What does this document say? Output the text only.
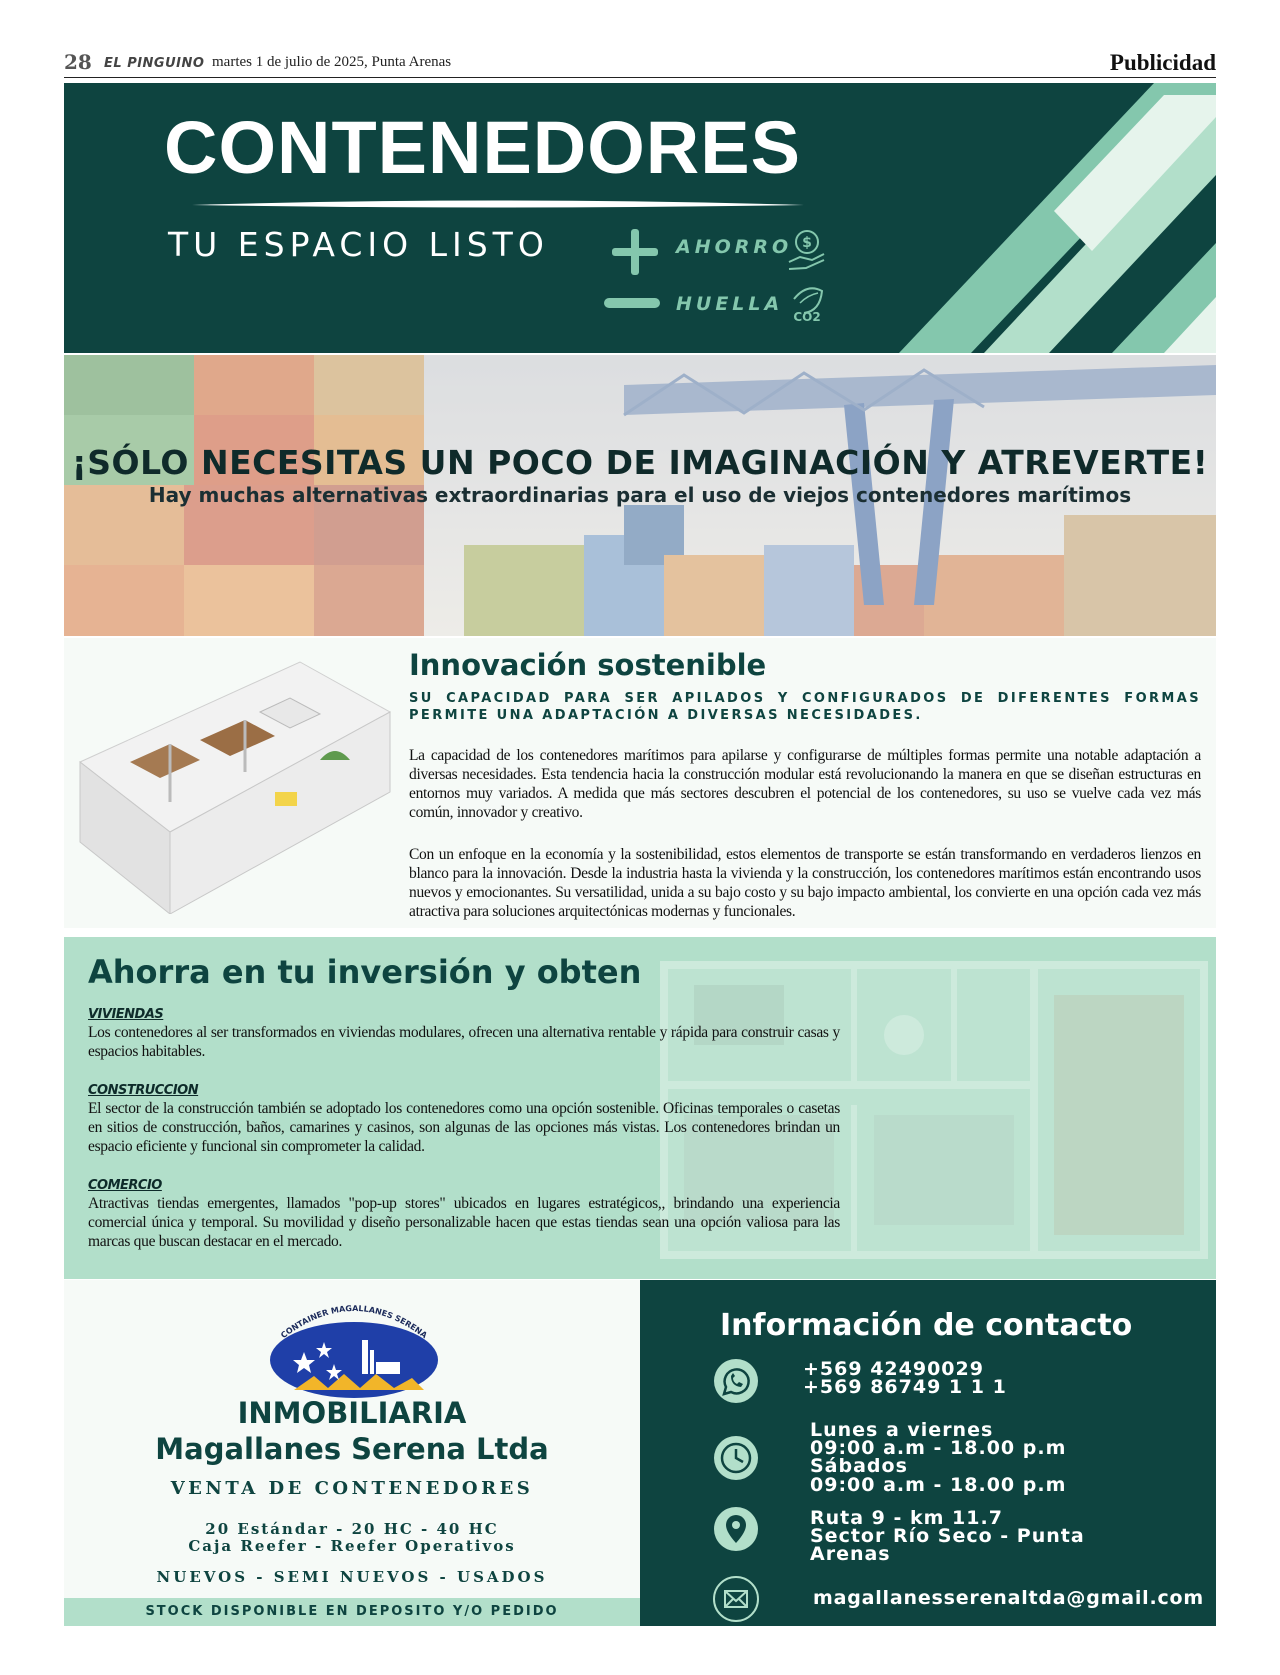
28 EL PINGUINO martes 1 de julio de 2025, Punta Arenas	Publicidad
CONTENEDORES
TU ESPACIO LISTO	AHORRO $
HUELLA
CO2
¡SÓLO NECESITAS UN POCO DE IMAGINACIÓN Y ATREVERTE!
Hay muchas alternativas extraordinarias para el uso de viejos contenedores marítimos
Innovación sostenible
SU CAPACIDAD PARA SER APILADOS Y CONFIGURADOS DE DIFERENTES FORMAS PERMITE UNA ADAPTACIÓN A DIVERSAS NECESIDADES.

La capacidad de los contenedores marítimos para apilarse y configurarse de múltiples formas permite una notable adaptación a diversas necesidades. Esta tendencia hacia la construcción modular está revolucionando la manera en que se diseñan estructuras en entornos muy variados. A medida que más sectores descubren el potencial de los contenedores, su uso se vuelve cada vez más común, innovador y creativo.

Con un enfoque en la economía y la sostenibilidad, estos elementos de transporte se están transformando en verdaderos lienzos en blanco para la innovación. Desde la industria hasta la vivienda y la construcción, los contenedores marítimos están encontrando usos nuevos y emocionantes. Su versatilidad, unida a su bajo costo y su bajo impacto ambiental, los convierte en una opción cada vez más atractiva para soluciones arquitectónicas modernas y funcionales.

Ahorra en tu inversión y obten
VIVIENDAS

Los contenedores al ser transformados en viviendas modulares, ofrecen una alternativa rentable y rápida para construir casas y espacios habitables.

CONSTRUCCION

El sector de la construcción también se adoptado los contenedores como una opción sostenible. Oficinas temporales o casetas en sitios de construcción, baños, camarines y casinos, son algunas de las opciones más vistas. Los contenedores brindan un espacio eficiente y funcional sin comprometer la calidad.

COMERCIO

Atractivas tiendas emergentes, llamados "pop-up stores" ubicados en lugares estratégicos,, brindando una experiencia comercial única y temporal. Su movilidad y diseño personalizable hacen que estas tiendas sean una opción valiosa para las marcas que buscan destacar en el mercado.

CONTAINER MAGALLANES SERENA
INMOBILIARIA
Magallanes Serena Ltda
VENTA DE CONTENEDORES
20 Estándar - 20 HC - 40 HC
Caja Reefer - Reefer Operativos
NUEVOS - SEMI NUEVOS - USADOS
STOCK DISPONIBLE EN DEPOSITO Y/O PEDIDO
Información de contacto
+569 42490029
+569 86749 1 1 1
Lunes a viernes
09:00 a.m - 18.00 p.m
Sábados
09:00 a.m - 18.00 p.m
Ruta 9 - km 11.7
Sector Río Seco - Punta Arenas
magallanesserenaltda@gmail.com
